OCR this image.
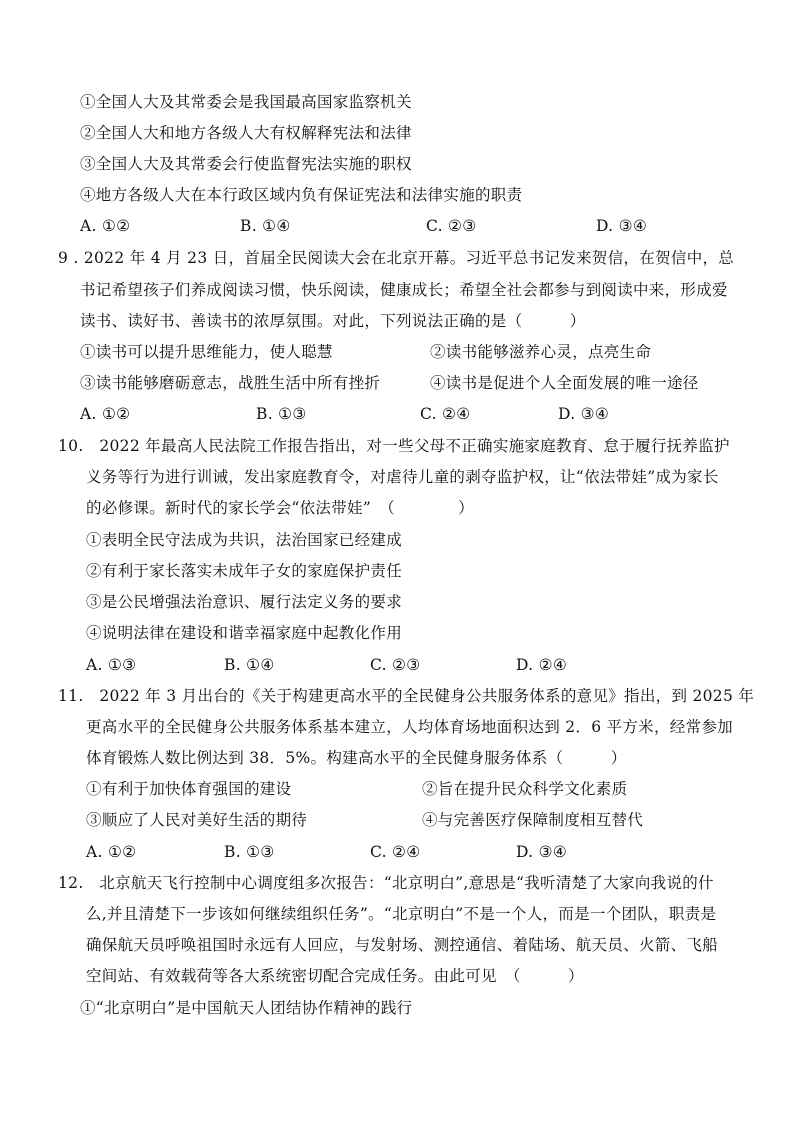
①全国人大及其常委会是我国最高国家监察机关
②全国人大和地方各级人大有权解释宪法和法律
③全国人大及其常委会行使监督宪法实施的职权
④地方各级人大在本行政区域内负有保证宪法和法律实施的职责
A. ①②	B. ①④	C. ②③	D. ③④
9 . 2022 年 4 月 23 日，首届全民阅读大会在北京开幕。习近平总书记发来贺信，在贺信中，总
书记希望孩子们养成阅读习惯，快乐阅读，健康成长；希望全社会都参与到阅读中来，形成爱
读书、读好书、善读书的浓厚氛围。对此，下列说法正确的是（　　　）
①读书可以提升思维能力，使人聪慧	②读书能够滋养心灵，点亮生命
③读书能够磨砺意志，战胜生活中所有挫折	④读书是促进个人全面发展的唯一途径
A. ①②	B. ①③	C. ②④	D. ③④
10.　2022 年最高人民法院工作报告指出，对一些父母不正确实施家庭教育、怠于履行抚养监护
义务等行为进行训诫，发出家庭教育令，对虐待儿童的剥夺监护权，让“依法带娃”成为家长
的必修课。新时代的家长学会“依法带娃”　（　　　　）
①表明全民守法成为共识，法治国家已经建成
②有利于家长落实未成年子女的家庭保护责任
③是公民增强法治意识、履行法定义务的要求
④说明法律在建设和谐幸福家庭中起教化作用
A. ①③	B. ①④	C. ②③	D. ②④
11.　2022 年 3 月出台的《关于构建更高水平的全民健身公共服务体系的意见》指出，到 2025 年
更高水平的全民健身公共服务体系基本建立，人均体育场地面积达到 2．6 平方米，经常参加
体育锻炼人数比例达到 38．5%。构建高水平的全民健身服务体系（　　　）
①有利于加快体育强国的建设	②旨在提升民众科学文化素质
③顺应了人民对美好生活的期待	④与完善医疗保障制度相互替代
A. ①②	B. ①③	C. ②④	D. ③④
12.　北京航天飞行控制中心调度组多次报告：“北京明白”,意思是“我听清楚了大家向我说的什
么,并且清楚下一步该如何继续组织任务”。“北京明白”不是一个人，而是一个团队，职责是
确保航天员呼唤祖国时永远有人回应，与发射场、测控通信、着陆场、航天员、火箭、飞船
空间站、有效载荷等各大系统密切配合完成任务。由此可见　（　　　）
①“北京明白”是中国航天人团结协作精神的践行
